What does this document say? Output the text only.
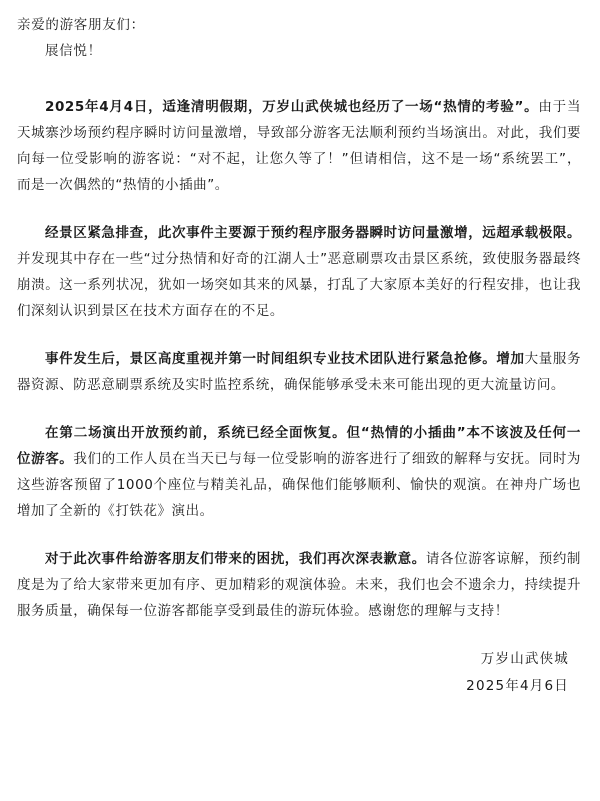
亲爱的游客朋友们：

展信悦！

2025年4月4日，适逢清明假期，万岁山武侠城也经历了一场“热情的考验”。由于当天城寨沙场预约程序瞬时访问量激增，导致部分游客无法顺利预约当场演出。对此，我们要向每一位受影响的游客说：“对不起，让您久等了！”但请相信，这不是一场“系统罢工”，而是一次偶然的“热情的小插曲”。

经景区紧急排查，此次事件主要源于预约程序服务器瞬时访问量激增，远超承载极限。并发现其中存在一些“过分热情和好奇的江湖人士”恶意刷票攻击景区系统，致使服务器最终崩溃。这一系列状况，犹如一场突如其来的风暴，打乱了大家原本美好的行程安排，也让我们深刻认识到景区在技术方面存在的不足。

事件发生后，景区高度重视并第一时间组织专业技术团队进行紧急抢修。增加大量服务器资源、防恶意刷票系统及实时监控系统，确保能够承受未来可能出现的更大流量访问。

在第二场演出开放预约前，系统已经全面恢复。但“热情的小插曲”本不该波及任何一位游客。我们的工作人员在当天已与每一位受影响的游客进行了细致的解释与安抚。同时为这些游客预留了1000个座位与精美礼品，确保他们能够顺利、愉快的观演。在神舟广场也增加了全新的《打铁花》演出。

对于此次事件给游客朋友们带来的困扰，我们再次深表歉意。请各位游客谅解，预约制度是为了给大家带来更加有序、更加精彩的观演体验。未来，我们也会不遗余力，持续提升服务质量，确保每一位游客都能享受到最佳的游玩体验。感谢您的理解与支持！

万岁山武侠城

2025年4月6日
